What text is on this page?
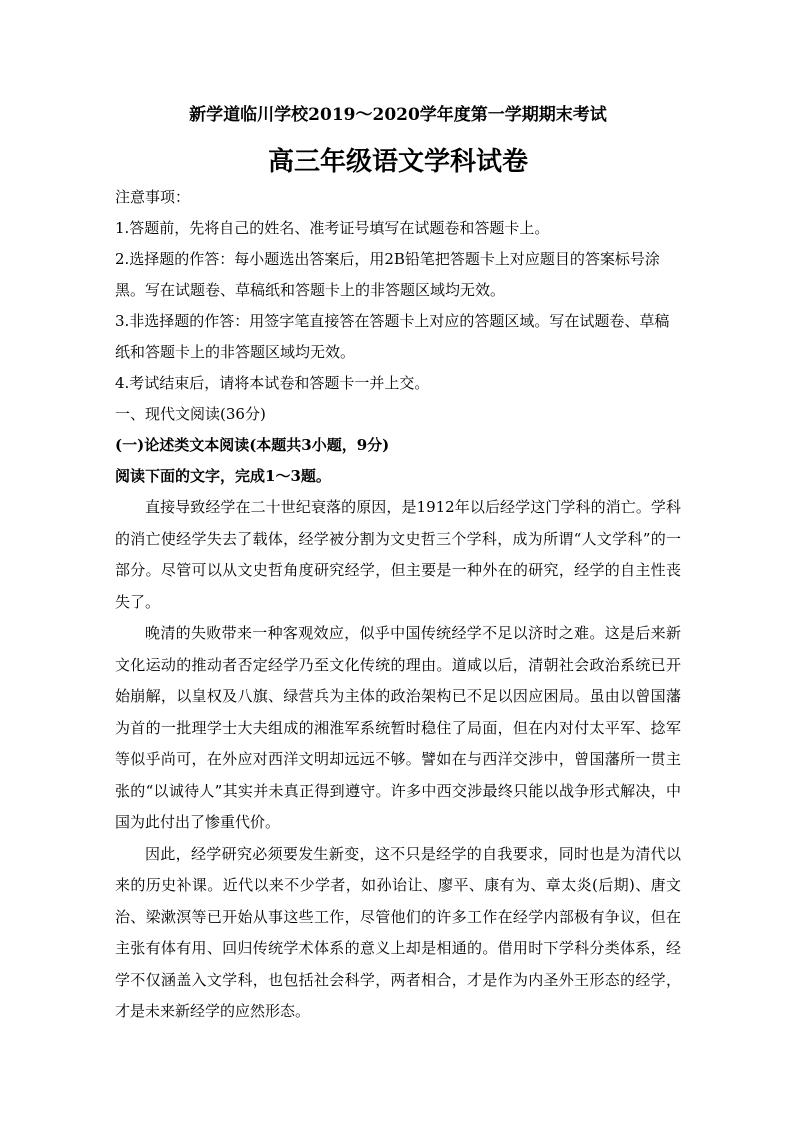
新学道临川学校2019～2020学年度第一学期期末考试
高三年级语文学科试卷

注意事项：

1.答题前，先将自己的姓名、准考证号填写在试题卷和答题卡上。

2.选择题的作答：每小题选出答案后，用2B铅笔把答题卡上对应题目的答案标号涂黑。写在试题卷、草稿纸和答题卡上的非答题区域均无效。

3.非选择题的作答：用签字笔直接答在答题卡上对应的答题区域。写在试题卷、草稿纸和答题卡上的非答题区域均无效。

4.考试结束后，请将本试卷和答题卡一并上交。

一、现代文阅读(36分)

(一)论述类文本阅读(本题共3小题，9分)

阅读下面的文字，完成1～3题。

直接导致经学在二十世纪衰落的原因，是1912年以后经学这门学科的消亡。学科的消亡使经学失去了载体，经学被分割为文史哲三个学科，成为所谓“人文学科”的一部分。尽管可以从文史哲角度研究经学，但主要是一种外在的研究，经学的自主性丧失了。

晚清的失败带来一种客观效应，似乎中国传统经学不足以济时之难。这是后来新文化运动的推动者否定经学乃至文化传统的理由。道咸以后，清朝社会政治系统已开始崩解，以皇权及八旗、绿营兵为主体的政治架构已不足以因应困局。虽由以曾国藩为首的一批理学士大夫组成的湘淮军系统暂时稳住了局面，但在内对付太平军、捻军等似乎尚可，在外应对西洋文明却远远不够。譬如在与西洋交涉中，曾国藩所一贯主张的“以诚待人”其实并未真正得到遵守。许多中西交涉最终只能以战争形式解决，中国为此付出了惨重代价。

因此，经学研究必须要发生新变，这不只是经学的自我要求，同时也是为清代以来的历史补课。近代以来不少学者，如孙诒让、廖平、康有为、章太炎(后期)、唐文治、梁漱溟等已开始从事这些工作，尽管他们的许多工作在经学内部极有争议，但在主张有体有用、回归传统学术体系的意义上却是相通的。借用时下学科分类体系，经学不仅涵盖入文学科，也包括社会科学，两者相合，才是作为内圣外王形态的经学，才是未来新经学的应然形态。
